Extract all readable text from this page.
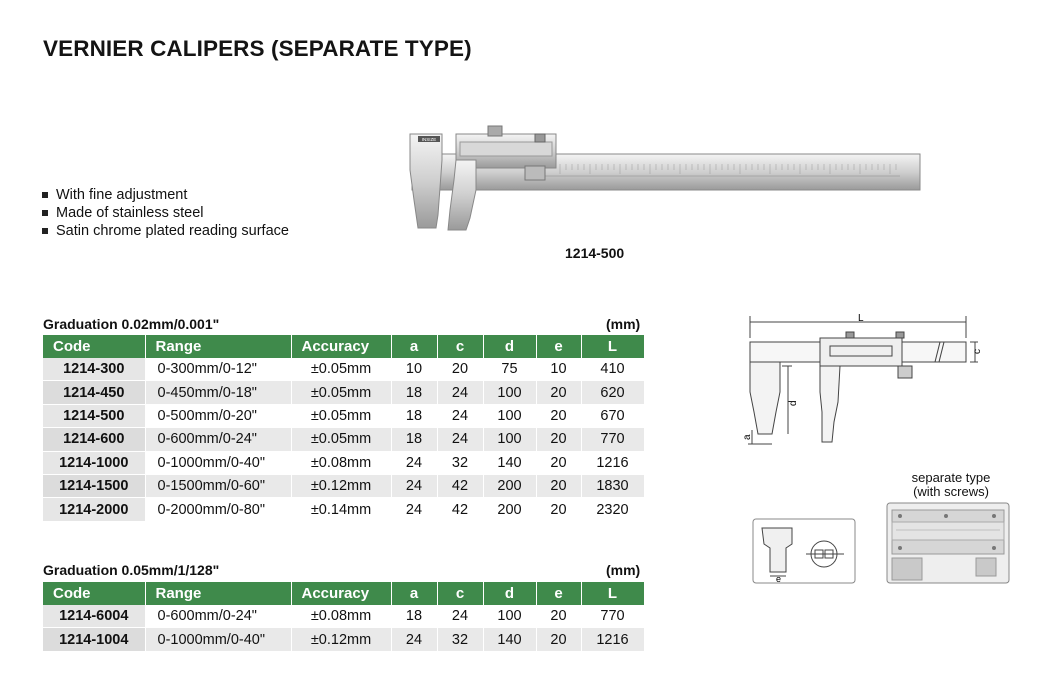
VERNIER CALIPERS (SEPARATE TYPE)
With fine adjustment
Made of stainless steel
Satin chrome plated reading surface
INSIZE
1214-500
Graduation 0.02mm/0.001"	(mm)
Code	Range	Accuracy	a	c	d	e	L
1214-300	0-300mm/0-12"	±0.05mm	10	20	75	10	410
1214-450	0-450mm/0-18"	±0.05mm	18	24	100	20	620
1214-500	0-500mm/0-20"	±0.05mm	18	24	100	20	670
1214-600	0-600mm/0-24"	±0.05mm	18	24	100	20	770
1214-1000	0-1000mm/0-40"	±0.08mm	24	32	140	20	1216
1214-1500	0-1500mm/0-60"	±0.12mm	24	42	200	20	1830
1214-2000	0-2000mm/0-80"	±0.14mm	24	42	200	20	2320
Graduation 0.05mm/1/128"	(mm)
Code	Range	Accuracy	a	c	d	e	L
1214-6004	0-600mm/0-24"	±0.08mm	18	24	100	20	770
1214-1004	0-1000mm/0-40"	±0.12mm	24	32	140	20	1216
L
c
d
a
separate type
(with screws)
e
